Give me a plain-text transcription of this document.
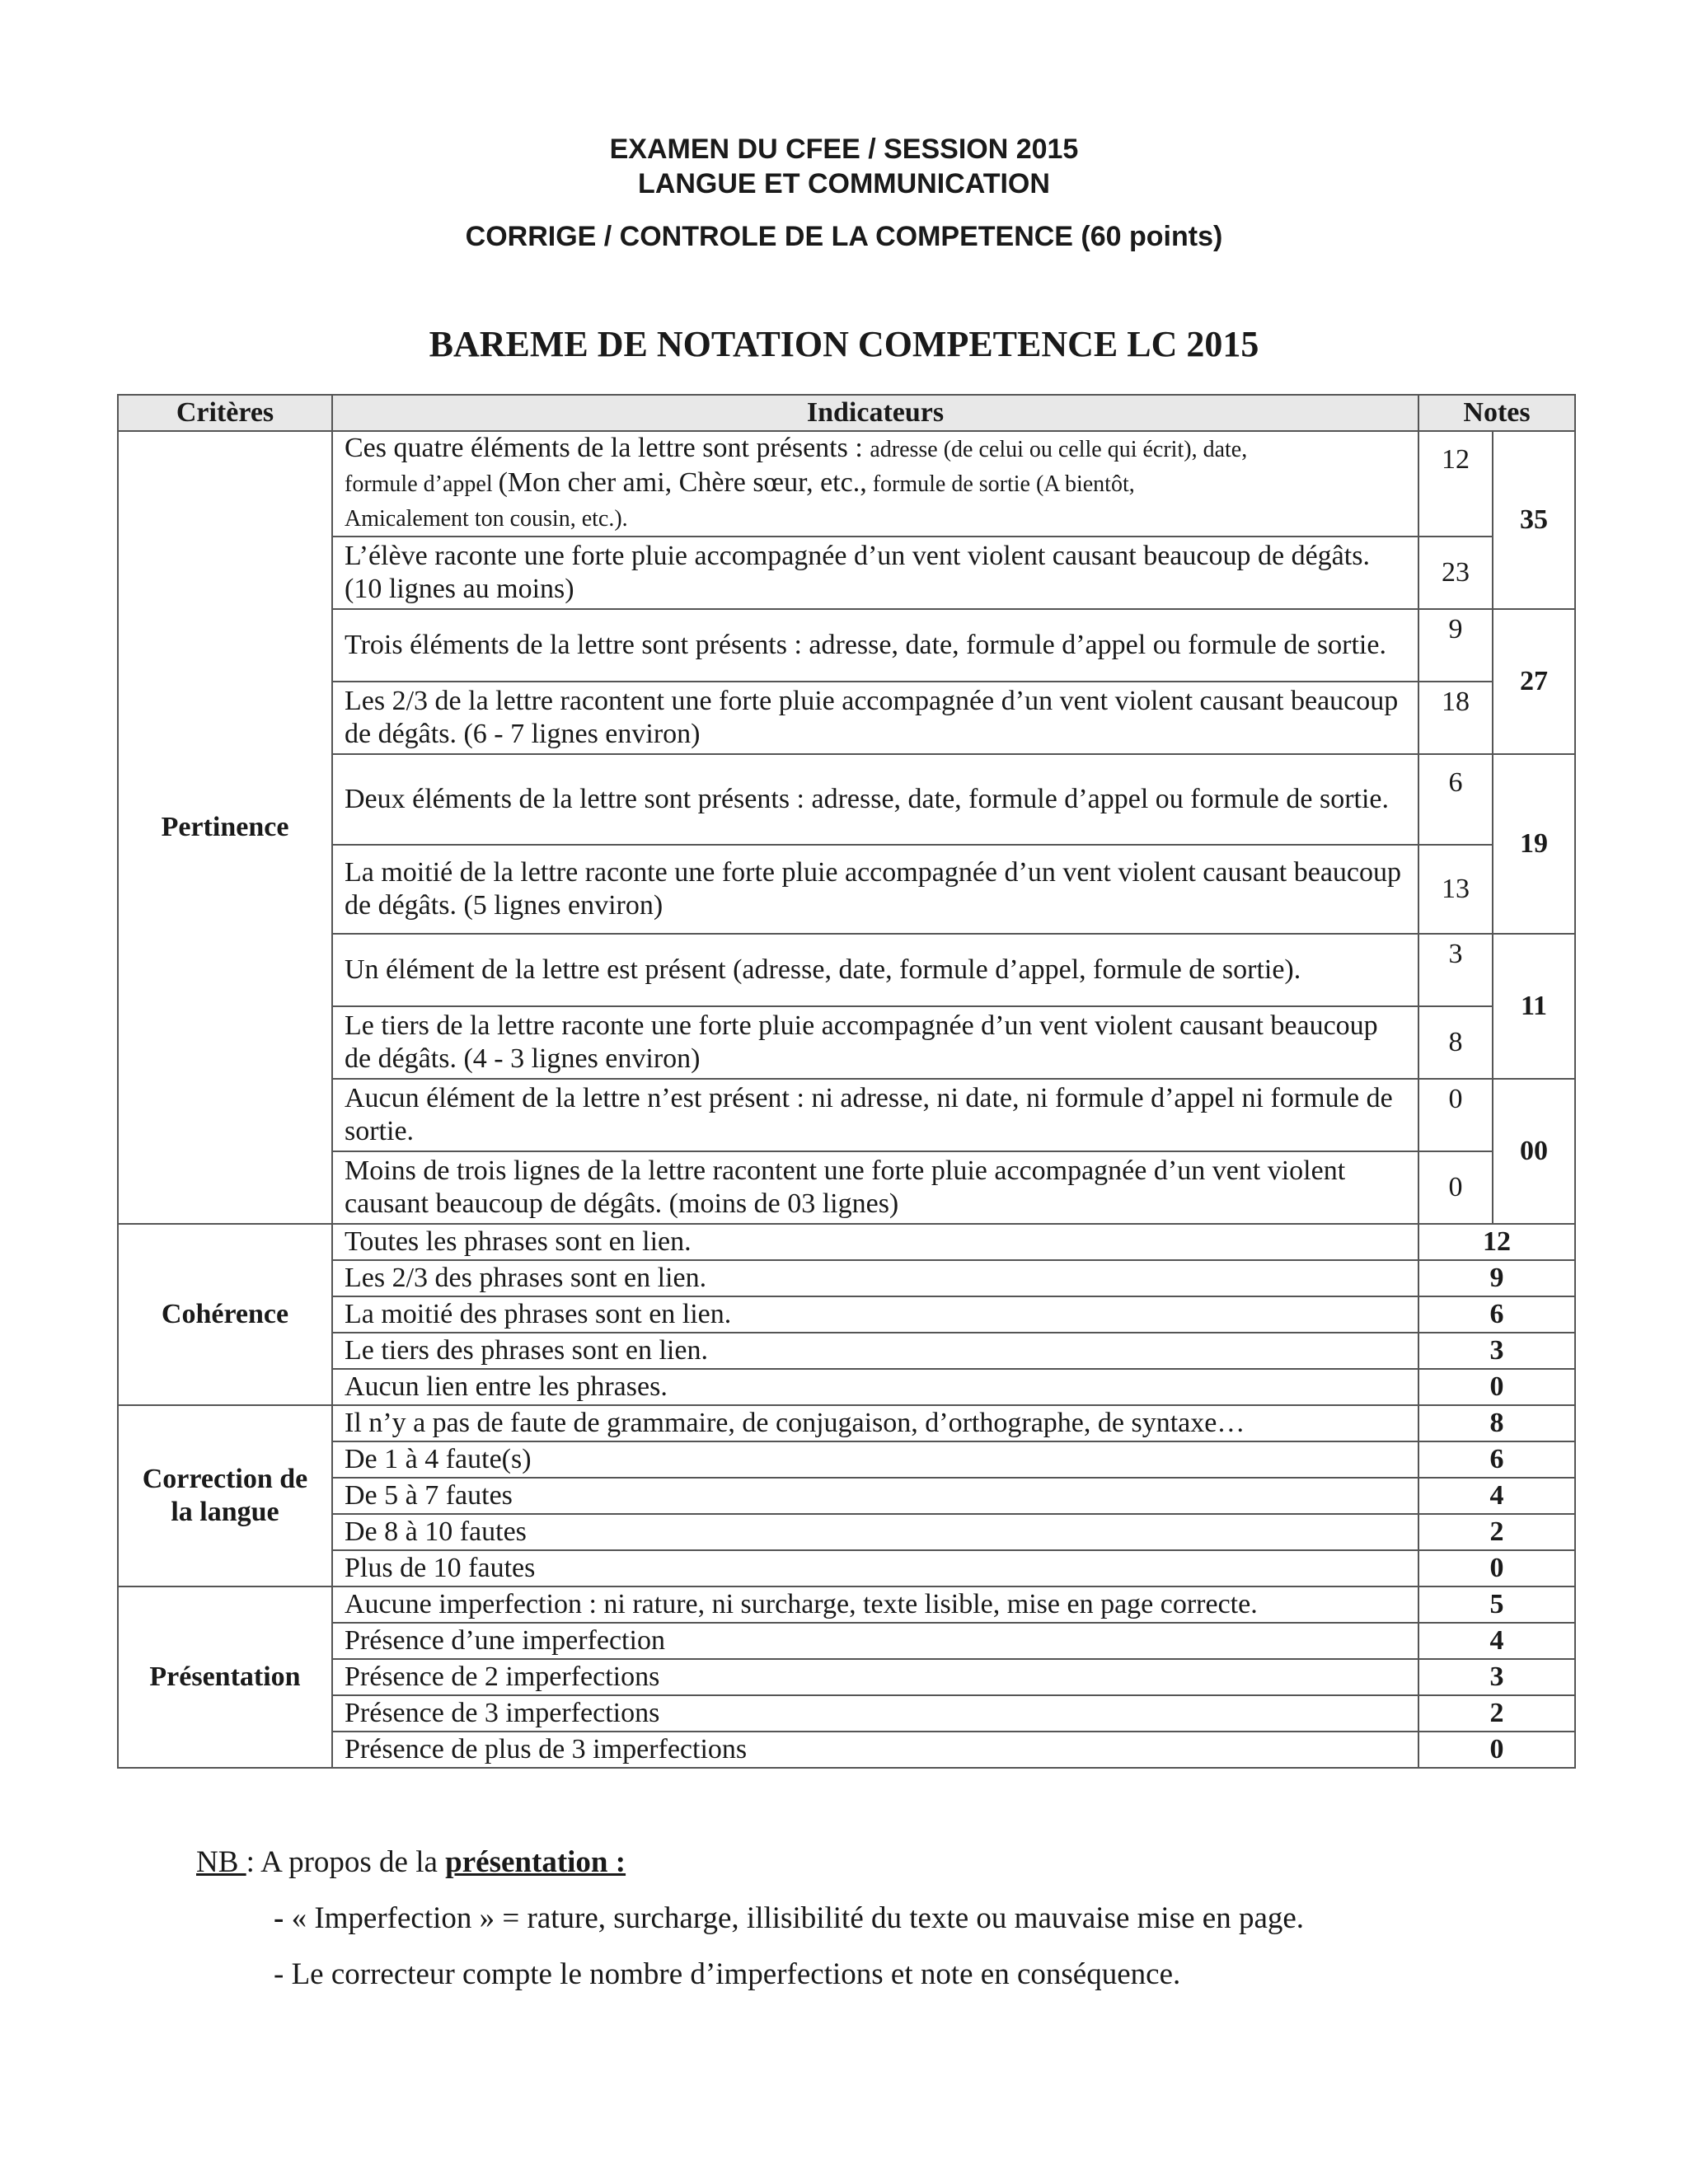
EXAMEN DU CFEE / SESSION 2015
LANGUE ET COMMUNICATION
CORRIGE / CONTROLE DE LA COMPETENCE (60 points)
BAREME DE NOTATION COMPETENCE LC 2015
Critères	Indicateurs	Notes	
Pertinence	Ces quatre éléments de la lettre sont présents : adresse (de celui ou celle qui écrit), date,
formule d’appel (Mon cher ami, Chère sœur, etc., formule de sortie (A bientôt,
Amicalement ton cousin, etc.).	12	35
	L’élève raconte une forte pluie accompagnée d’un vent violent causant beaucoup de dégâts. (10 lignes au moins)	23	
	Trois éléments de la lettre sont présents : adresse, date, formule d’appel ou formule de sortie.	9	27
	Les 2/3 de la lettre racontent une forte pluie accompagnée d’un vent violent causant beaucoup de dégâts. (6 - 7 lignes environ)	18	
	Deux éléments de la lettre sont présents : adresse, date, formule d’appel ou formule de sortie.	6	19
	La moitié de la lettre raconte une forte pluie accompagnée d’un vent violent causant beaucoup de dégâts. (5 lignes environ)	13	
	Un élément de la lettre est présent (adresse, date, formule d’appel, formule de sortie).	3	11
	Le tiers de la lettre raconte une forte pluie accompagnée d’un vent violent causant beaucoup de dégâts. (4 - 3 lignes environ)	8	
	Aucun élément de la lettre n’est présent : ni adresse, ni date, ni formule d’appel ni formule de sortie.	0	00
	Moins de trois lignes de la lettre racontent une forte pluie accompagnée d’un vent violent causant beaucoup de dégâts. (moins de 03 lignes)	0	
Cohérence	Toutes les phrases sont en lien.	12	
	Les 2/3 des phrases sont en lien.	9	
	La moitié des phrases sont en lien.	6	
	Le tiers des phrases sont en lien.	3	
	Aucun lien entre les phrases.	0	
Correction de
la langue	Il n’y a pas de faute de grammaire, de conjugaison, d’orthographe, de syntaxe…	8	
	De 1 à 4 faute(s)	6	
	De 5 à 7 fautes	4	
	De 8 à 10 fautes	2	
	Plus de 10 fautes	0	
Présentation	Aucune imperfection : ni rature, ni surcharge, texte lisible, mise en page correcte.	5	
	Présence d’une imperfection	4	
	Présence de 2 imperfections	3	
	Présence de 3 imperfections	2	
	Présence de plus de 3 imperfections	0	
NB : A propos de la présentation :
- « Imperfection » = rature, surcharge, illisibilité du texte ou mauvaise mise en page.
- Le correcteur compte le nombre d’imperfections et note en conséquence.
